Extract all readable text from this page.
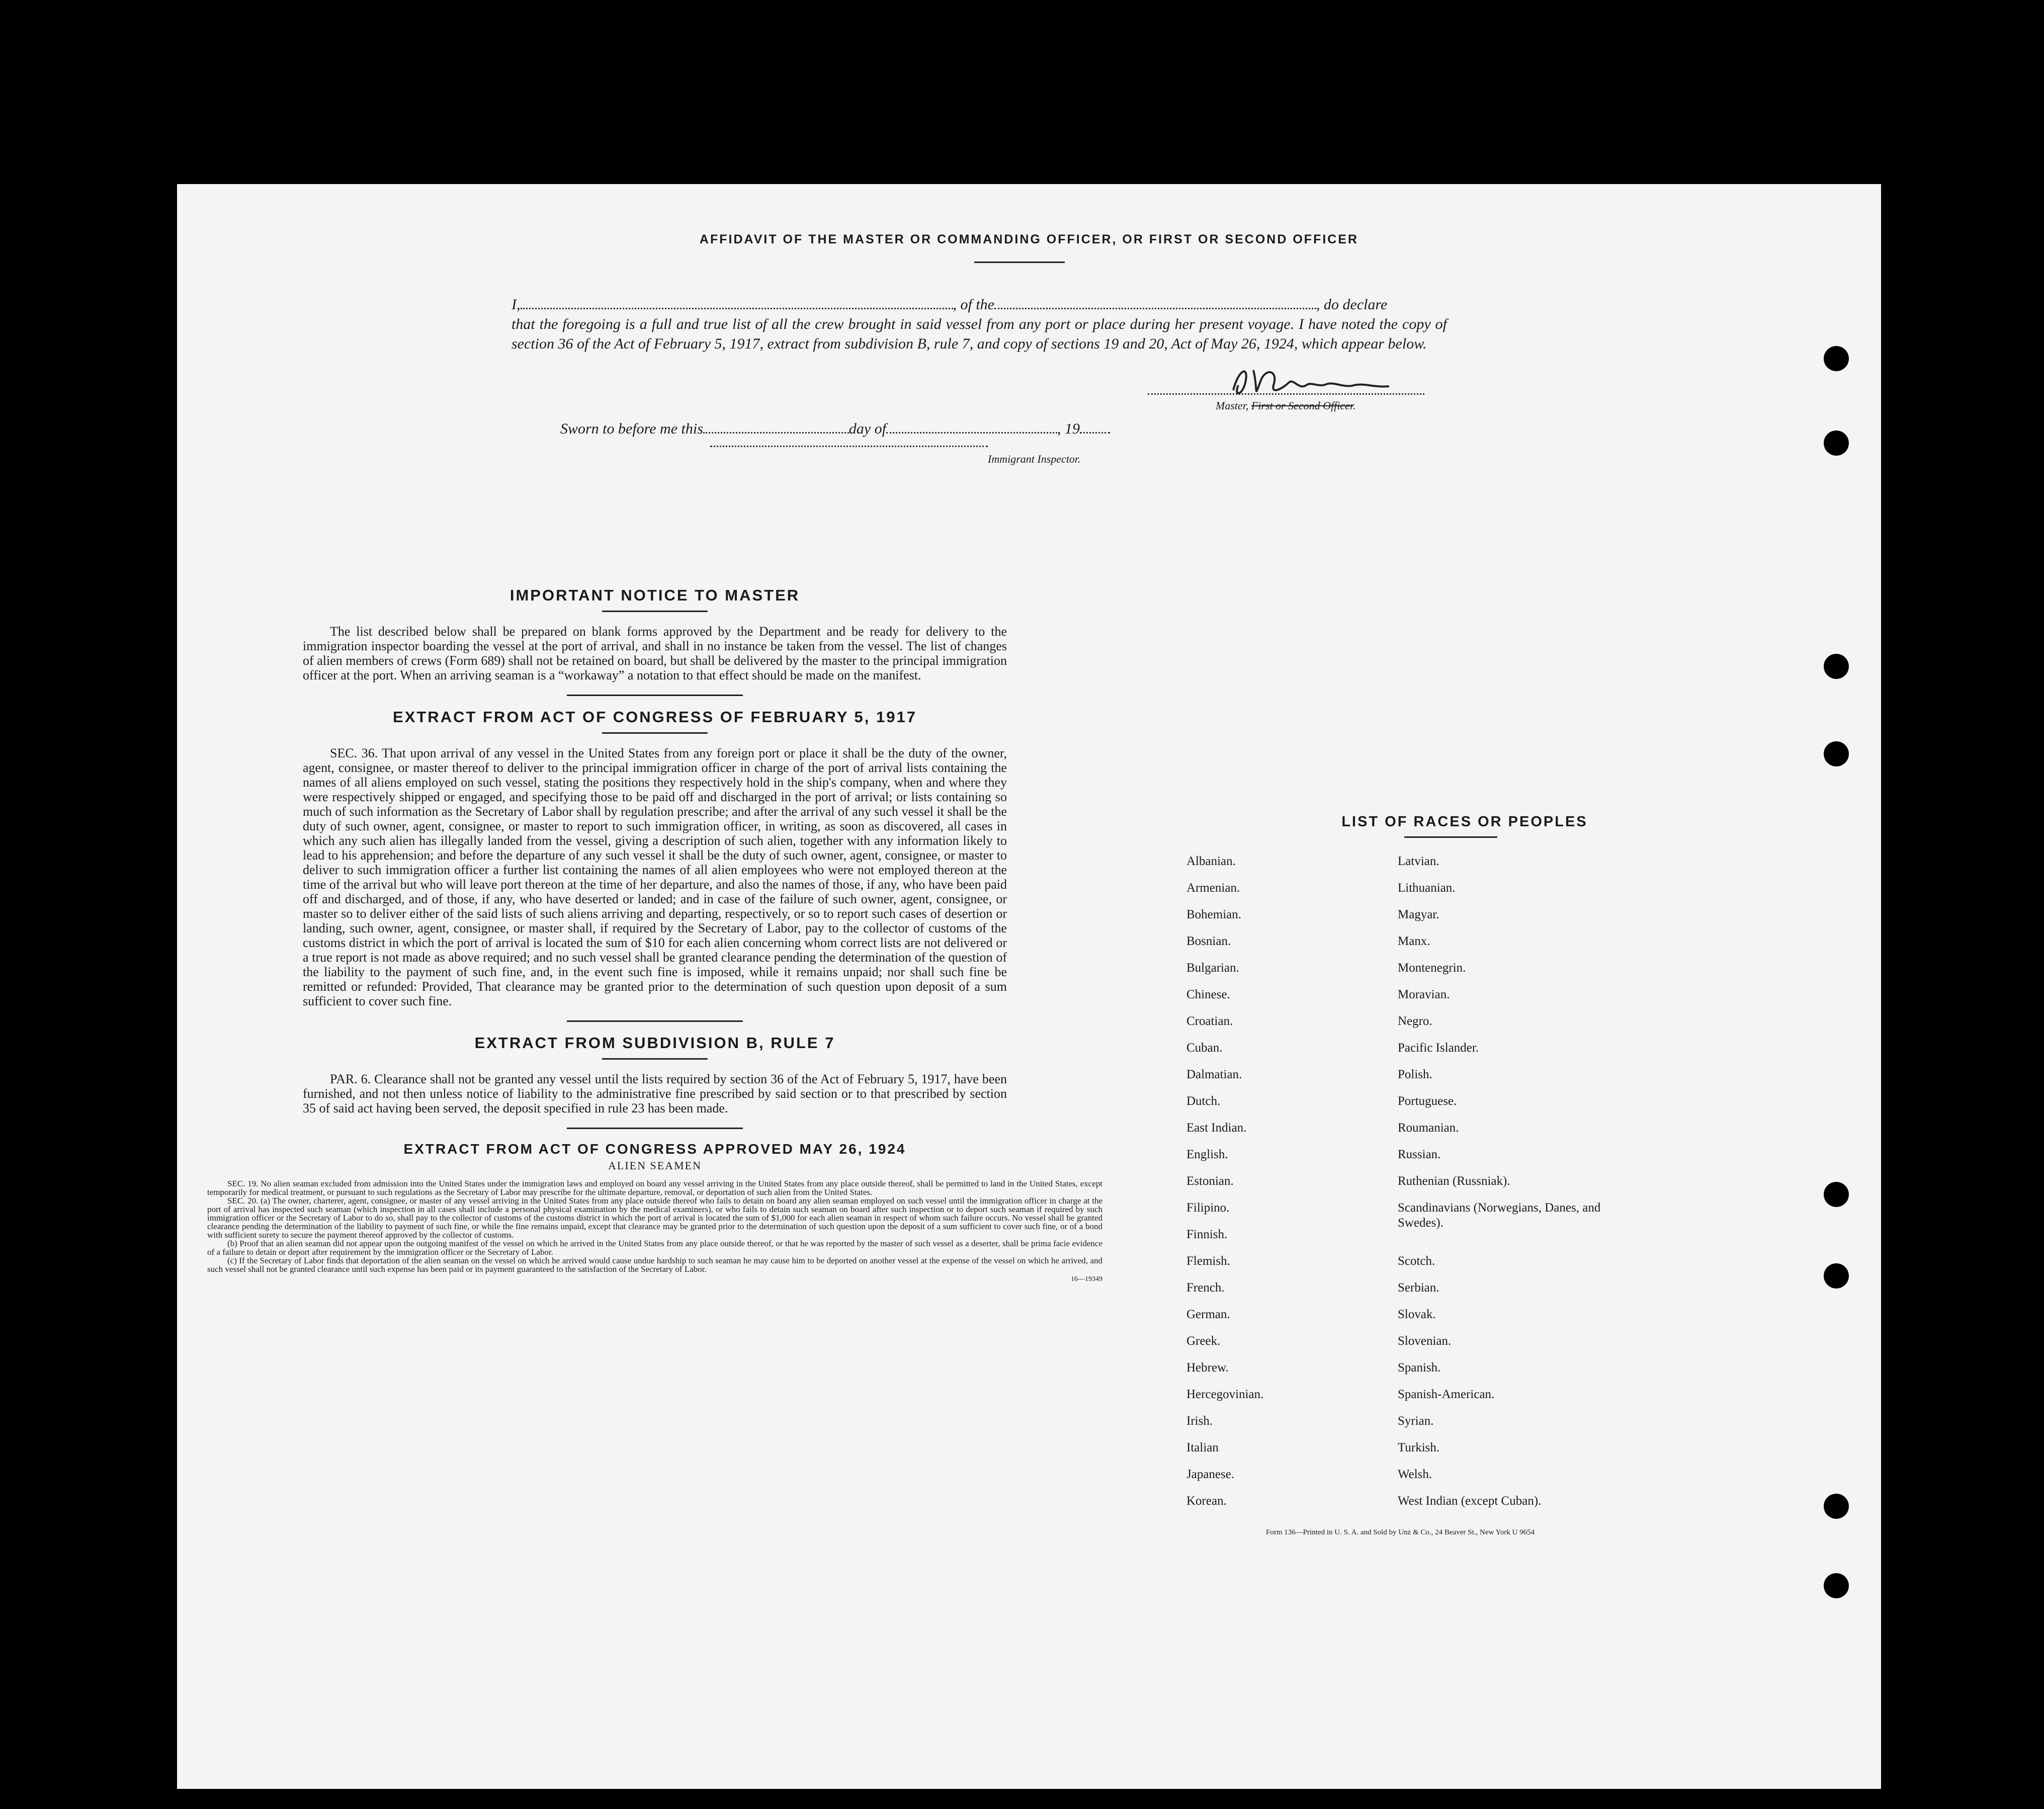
AFFIDAVIT OF THE MASTER OR COMMANDING OFFICER, OR FIRST OR SECOND OFFICER
I,	, of the	, do declare
that the foregoing is a full and true list of all the crew brought in said vessel from any port or place during her present voyage. I have noted the copy of section 36 of the Act of February 5, 1917, extract from subdivision B, rule 7, and copy of sections 19 and 20, Act of May 26, 1924, which appear below.
Master, First or Second Officer.
Sworn to before me this	day of	, 19
Immigrant Inspector.
IMPORTANT NOTICE TO MASTER
The list described below shall be prepared on blank forms approved by the Department and be ready for delivery to the immigration inspector boarding the vessel at the port of arrival, and shall in no instance be taken from the vessel. The list of changes of alien members of crews (Form 689) shall not be retained on board, but shall be delivered by the master to the principal immigration officer at the port. When an arriving seaman is a “workaway” a notation to that effect should be made on the manifest.
EXTRACT FROM ACT OF CONGRESS OF FEBRUARY 5, 1917
SEC. 36. That upon arrival of any vessel in the United States from any foreign port or place it shall be the duty of the owner, agent, consignee, or master thereof to deliver to the principal immigration officer in charge of the port of arrival lists containing the names of all aliens employed on such vessel, stating the positions they respectively hold in the ship's company, when and where they were respectively shipped or engaged, and specifying those to be paid off and discharged in the port of arrival; or lists containing so much of such information as the Secretary of Labor shall by regulation prescribe; and after the arrival of any such vessel it shall be the duty of such owner, agent, consignee, or master to report to such immigration officer, in writing, as soon as discovered, all cases in which any such alien has illegally landed from the vessel, giving a description of such alien, together with any information likely to lead to his apprehension; and before the departure of any such vessel it shall be the duty of such owner, agent, consignee, or master to deliver to such immigration officer a further list containing the names of all alien employees who were not employed thereon at the time of the arrival but who will leave port thereon at the time of her departure, and also the names of those, if any, who have been paid off and discharged, and of those, if any, who have deserted or landed; and in case of the failure of such owner, agent, consignee, or master so to deliver either of the said lists of such aliens arriving and departing, respectively, or so to report such cases of desertion or landing, such owner, agent, consignee, or master shall, if required by the Secretary of Labor, pay to the collector of customs of the customs district in which the port of arrival is located the sum of $10 for each alien concerning whom correct lists are not delivered or a true report is not made as above required; and no such vessel shall be granted clearance pending the determination of the question of the liability to the payment of such fine, and, in the event such fine is imposed, while it remains unpaid; nor shall such fine be remitted or refunded: Provided, That clearance may be granted prior to the determination of such question upon deposit of a sum sufficient to cover such fine.
EXTRACT FROM SUBDIVISION B, RULE 7
PAR. 6. Clearance shall not be granted any vessel until the lists required by section 36 of the Act of February 5, 1917, have been furnished, and not then unless notice of liability to the administrative fine prescribed by said section or to that prescribed by section 35 of said act having been served, the deposit specified in rule 23 has been made.
EXTRACT FROM ACT OF CONGRESS APPROVED MAY 26, 1924
ALIEN SEAMEN
SEC. 19. No alien seaman excluded from admission into the United States under the immigration laws and employed on board any vessel arriving in the United States from any place outside thereof, shall be permitted to land in the United States, except temporarily for medical treatment, or pursuant to such regulations as the Secretary of Labor may prescribe for the ultimate departure, removal, or deportation of such alien from the United States.
SEC. 20. (a) The owner, charterer, agent, consignee, or master of any vessel arriving in the United States from any place outside thereof who fails to detain on board any alien seaman employed on such vessel until the immigration officer in charge at the port of arrival has inspected such seaman (which inspection in all cases shall include a personal physical examination by the medical examiners), or who fails to detain such seaman on board after such inspection or to deport such seaman if required by such immigration officer or the Secretary of Labor to do so, shall pay to the collector of customs of the customs district in which the port of arrival is located the sum of $1,000 for each alien seaman in respect of whom such failure occurs. No vessel shall be granted clearance pending the determination of the liability to payment of such fine, or while the fine remains unpaid, except that clearance may be granted prior to the determination of such question upon the deposit of a sum sufficient to cover such fine, or of a bond with sufficient surety to secure the payment thereof approved by the collector of customs.
(b) Proof that an alien seaman did not appear upon the outgoing manifest of the vessel on which he arrived in the United States from any place outside thereof, or that he was reported by the master of such vessel as a deserter, shall be prima facie evidence of a failure to detain or deport after requirement by the immigration officer or the Secretary of Labor.
(c) If the Secretary of Labor finds that deportation of the alien seaman on the vessel on which he arrived would cause undue hardship to such seaman he may cause him to be deported on another vessel at the expense of the vessel on which he arrived, and such vessel shall not be granted clearance until such expense has been paid or its payment guaranteed to the satisfaction of the Secretary of Labor.
16—19349
LIST OF RACES OR PEOPLES
Albanian.	Latvian.
Armenian.	Lithuanian.
Bohemian.	Magyar.
Bosnian.	Manx.
Bulgarian.	Montenegrin.
Chinese.	Moravian.
Croatian.	Negro.
Cuban.	Pacific Islander.
Dalmatian.	Polish.
Dutch.	Portuguese.
East Indian.	Roumanian.
English.	Russian.
Estonian.	Ruthenian (Russniak).
Filipino.	Scandinavians (Norwegians, Danes, and Swedes).
Finnish.
Flemish.	Scotch.
French.	Serbian.
German.	Slovak.
Greek.	Slovenian.
Hebrew.	Spanish.
Hercegovinian.	Spanish-American.
Irish.	Syrian.
Italian	Turkish.
Japanese.	Welsh.
Korean.	West Indian (except Cuban).
Form 136—Printed in U. S. A. and Sold by Unz & Co., 24 Beaver St., New York U 9654
